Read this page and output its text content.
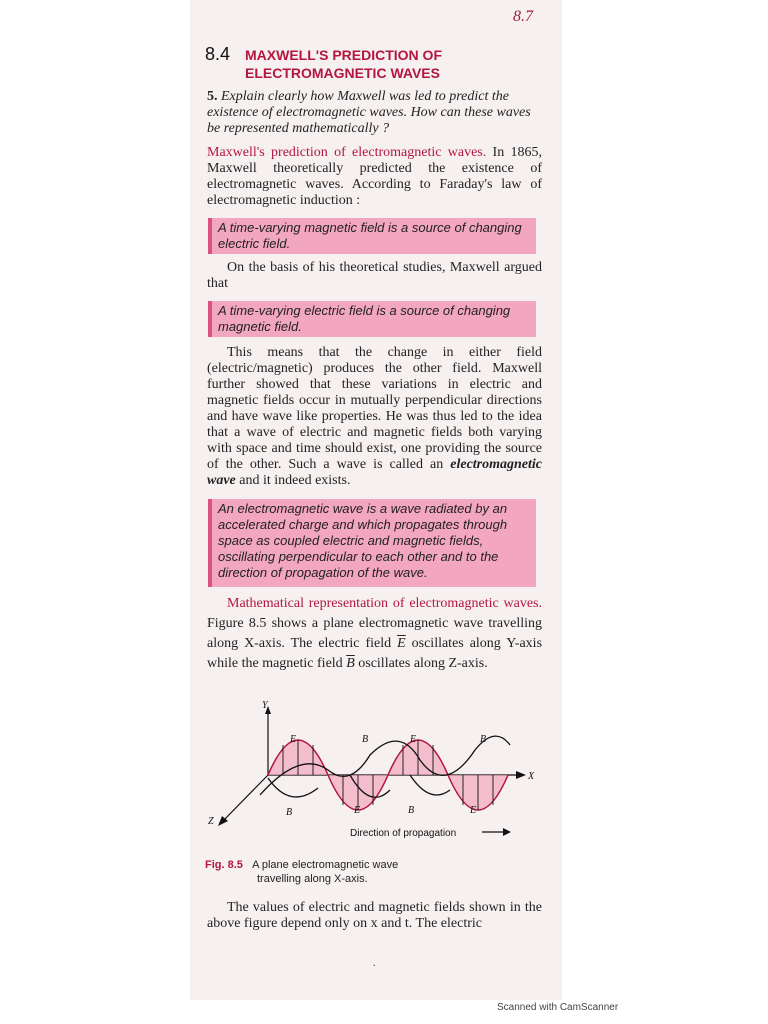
8.7
8.4 MAXWELL'S PREDICTION OF
ELECTROMAGNETIC WAVES
5. Explain clearly how Maxwell was led to predict the existence of electromagnetic waves. How can these waves be represented mathematically ?
Maxwell's prediction of electromagnetic waves. In 1865, Maxwell theoretically predicted the existence of electromagnetic waves. According to Faraday's law of electromagnetic induction :
A time-varying magnetic field is a source of changing electric field.
On the basis of his theoretical studies, Maxwell argued that
A time-varying electric field is a source of changing magnetic field.
This means that the change in either field (electric/magnetic) produces the other field. Maxwell further showed that these variations in electric and magnetic fields occur in mutually perpendicular directions and have wave like properties. He was thus led to the idea that a wave of electric and magnetic fields both varying with space and time should exist, one providing the source of the other. Such a wave is called an electromagnetic wave and it indeed exists.
An electromagnetic wave is a wave radiated by an accelerated charge and which propagates through space as coupled electric and magnetic fields, oscillating perpendicular to each other and to the direction of propagation of the wave.
Mathematical representation of electromagnetic waves. Figure 8.5 shows a plane electromagnetic wave travelling along X-axis. The electric field $\overline{E}$ oscillates along Y-axis while the magnetic field $\overline{B}$ oscillates along Z-axis.
Y
X
Z
E	B	E	B
B	E	B	E
Direction of propagation
Fig. 8.5 A plane electromagnetic wave
travelling along X-axis.
The values of electric and magnetic fields shown in the above figure depend only on x and t. The electric
.
Scanned with CamScanner
